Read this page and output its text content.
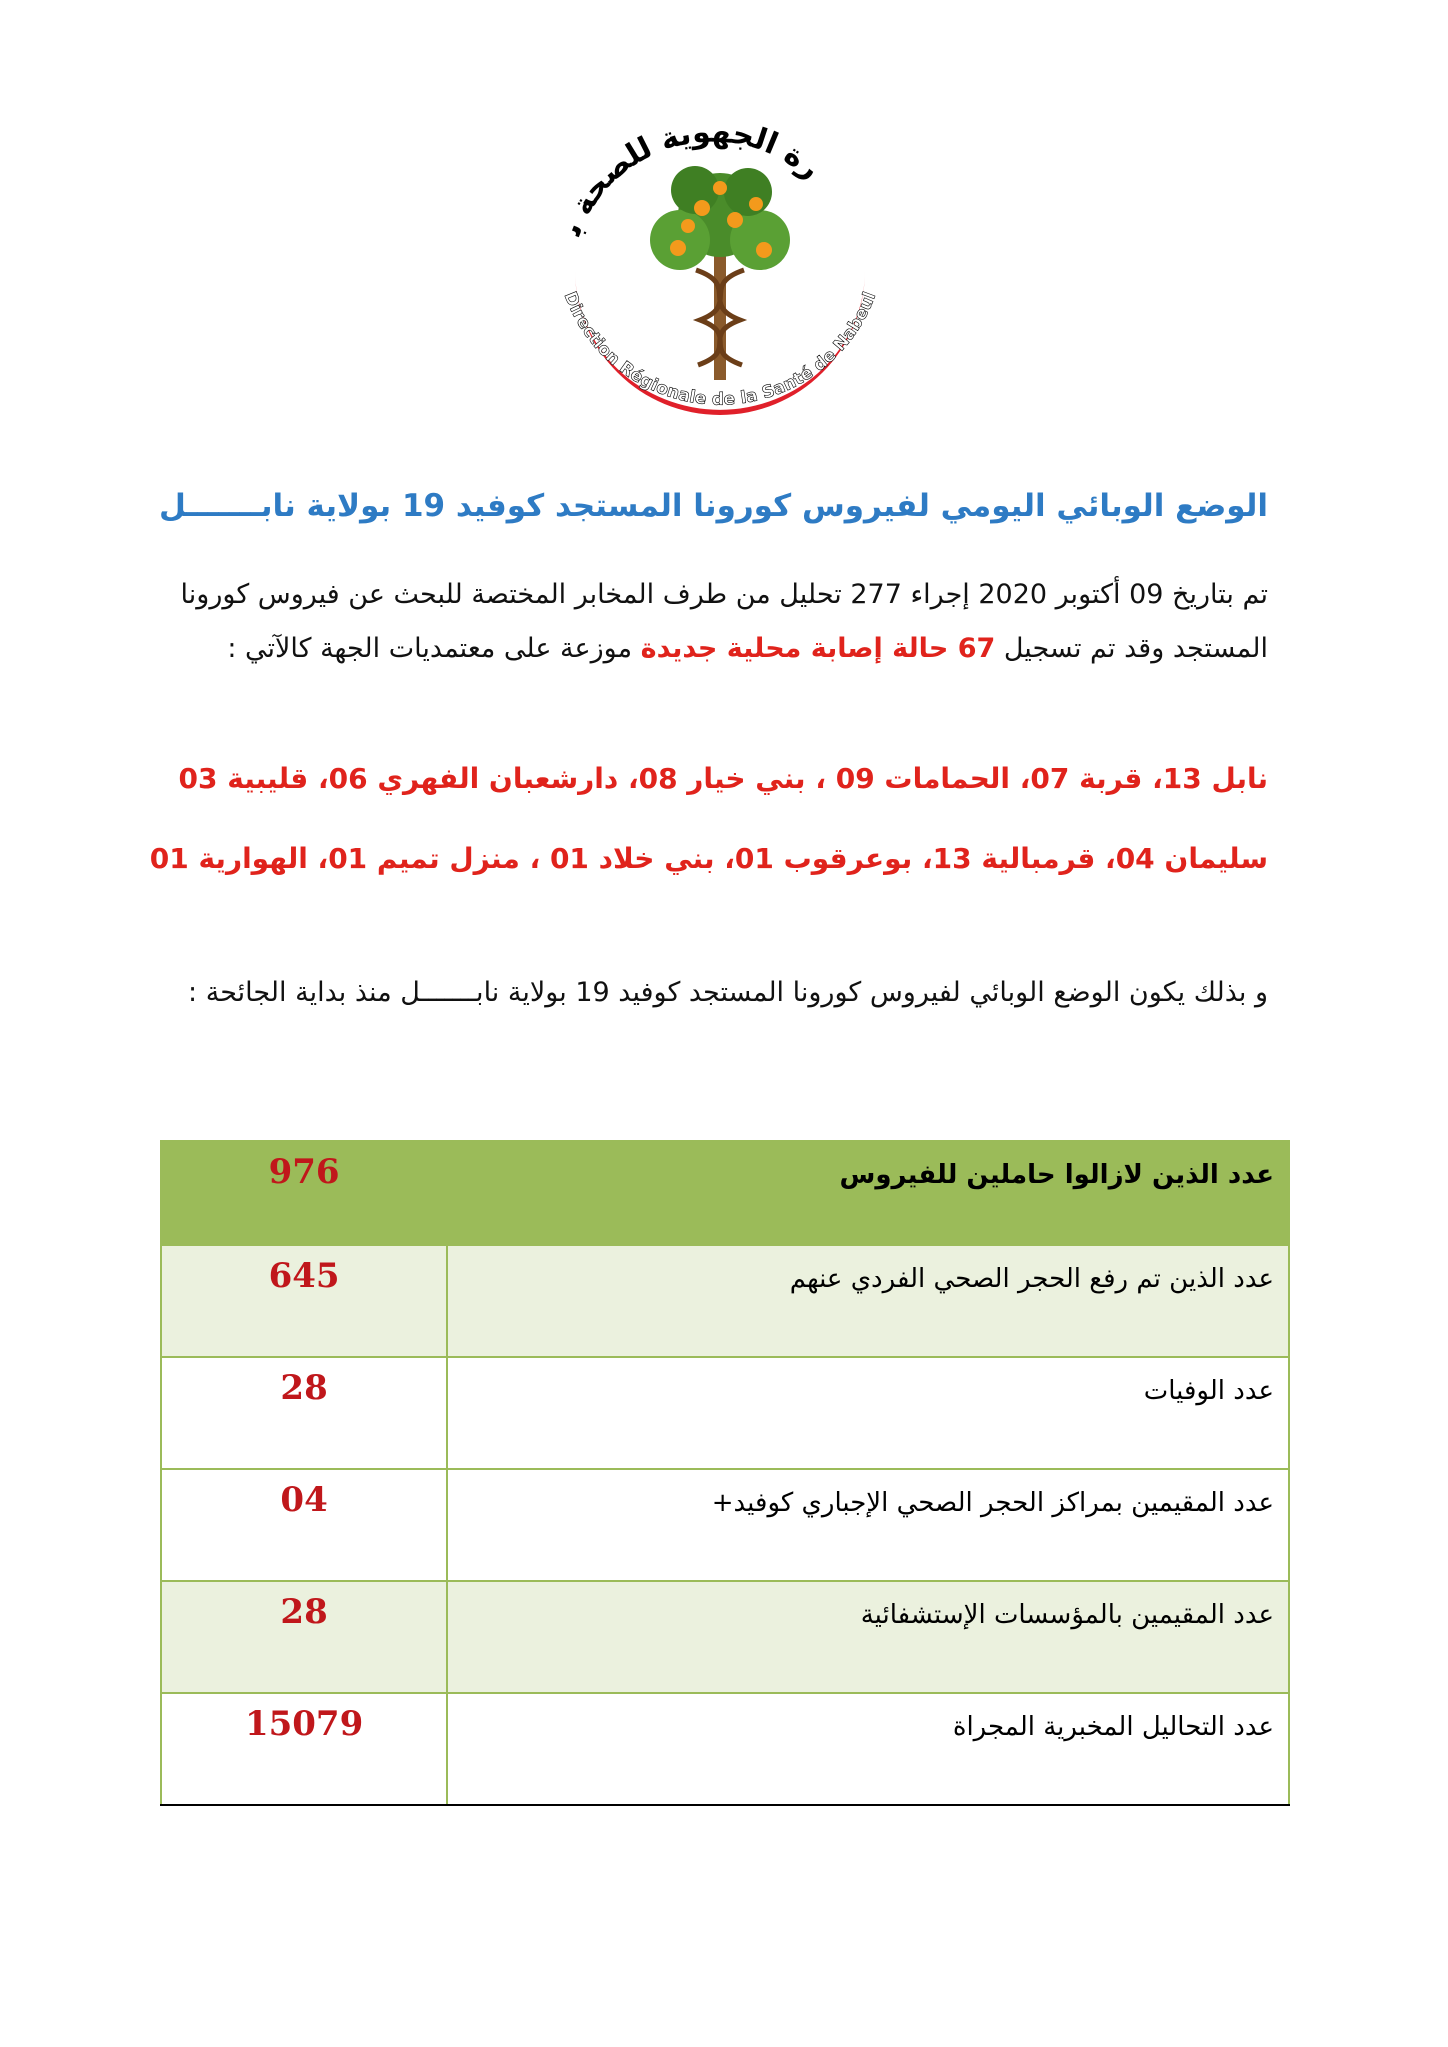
رة الجهوية للصحة ب
Direction Régionale de la Santé de Nabeul
الوضع الوبائي اليومي لفيروس كورونا المستجد كوفيد 19 بولاية نابـــــــل
تم بتاريخ 09 أكتوبر 2020 إجراء 277 تحليل من طرف المخابر المختصة للبحث عن فيروس كورونا المستجد وقد تم تسجيل 67 حالة إصابة محلية جديدة موزعة على معتمديات الجهة كالآتي :
نابل 13، قربة 07، الحمامات 09 ، بني خيار 08، دارشعبان الفهري 06، قليبية 03
سليمان 04، قرمبالية 13، بوعرقوب 01، بني خلاد 01 ، منزل تميم 01، الهوارية 01
و بذلك يكون الوضع الوبائي لفيروس كورونا المستجد كوفيد 19 بولاية نابـــــــل منذ بداية الجائحة :
عدد الذين لازالوا حاملين للفيروس	976
عدد الذين تم رفع الحجر الصحي الفردي عنهم	645
عدد الوفيات	28
عدد المقيمين بمراكز الحجر الصحي الإجباري كوفيد+	04
عدد المقيمين بالمؤسسات الإستشفائية	28
عدد التحاليل المخبرية المجراة	15079
